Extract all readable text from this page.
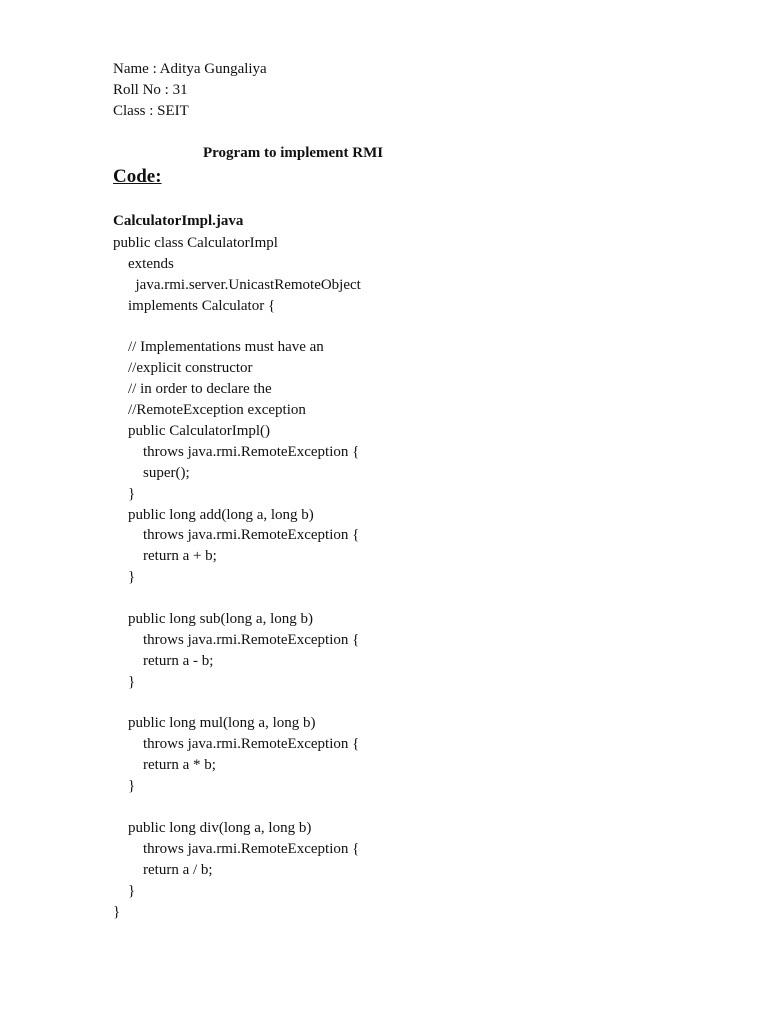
Name : Aditya Gungaliya
Roll No : 31
Class : SEIT
Program to implement RMI
Code:
CalculatorImpl.java
public class CalculatorImpl
extends
java.rmi.server.UnicastRemoteObject
implements Calculator {
// Implementations must have an
//explicit constructor
// in order to declare the
//RemoteException exception
public CalculatorImpl()
throws java.rmi.RemoteException {
super();
}
public long add(long a, long b)
throws java.rmi.RemoteException {
return a + b;
}
public long sub(long a, long b)
throws java.rmi.RemoteException {
return a - b;
}
public long mul(long a, long b)
throws java.rmi.RemoteException {
return a * b;
}
public long div(long a, long b)
throws java.rmi.RemoteException {
return a / b;
}
}
